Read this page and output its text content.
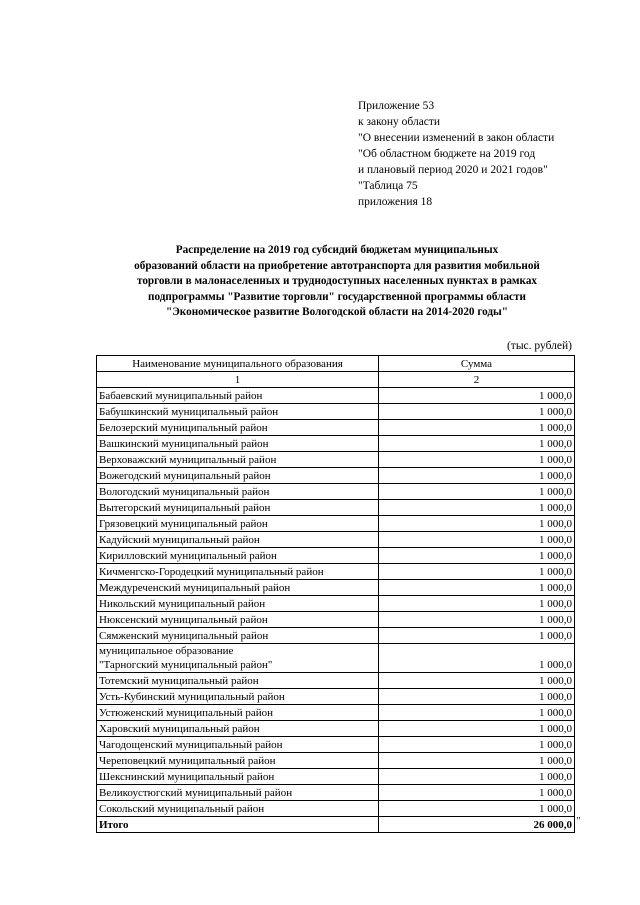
Приложение 53
к закону области
"О внесении изменений в закон области
"Об областном бюджете на 2019 год
и плановый период 2020 и 2021 годов"
"Таблица 75
приложения 18
Распределение на 2019 год субсидий бюджетам муниципальных
образований области на приобретение автотранспорта для развития мобильной
торговли в малонаселенных и труднодоступных населенных пунктах в рамках
подпрограммы "Развитие торговли" государственной программы области
"Экономическое развитие Вологодской области на 2014-2020 годы"
(тыс. рублей)
Наименование муниципального образования	Сумма
1	2
Бабаевский муниципальный район	1 000,0
Бабушкинский муниципальный район	1 000,0
Белозерский муниципальный район	1 000,0
Вашкинский муниципальный район	1 000,0
Верховажский муниципальный район	1 000,0
Вожегодский муниципальный район	1 000,0
Вологодский муниципальный район	1 000,0
Вытегорский муниципальный район	1 000,0
Грязовецкий муниципальный район	1 000,0
Кадуйский муниципальный район	1 000,0
Кирилловский муниципальный район	1 000,0
Кичменгско-Городецкий муниципальный район	1 000,0
Междуреченский муниципальный район	1 000,0
Никольский муниципальный район	1 000,0
Нюксенский муниципальный район	1 000,0
Сямженский муниципальный район	1 000,0

муниципальное образование
"Тарногский муниципальный район"	1 000,0
Тотемский муниципальный район	1 000,0
Усть-Кубинский муниципальный район	1 000,0
Устюженский муниципальный район	1 000,0
Харовский муниципальный район	1 000,0
Чагодощенский муниципальный район	1 000,0
Череповецкий муниципальный район	1 000,0
Шекснинский муниципальный район	1 000,0
Великоустюгский муниципальный район	1 000,0
Сокольский муниципальный район	1 000,0
Итого	26 000,0 "
